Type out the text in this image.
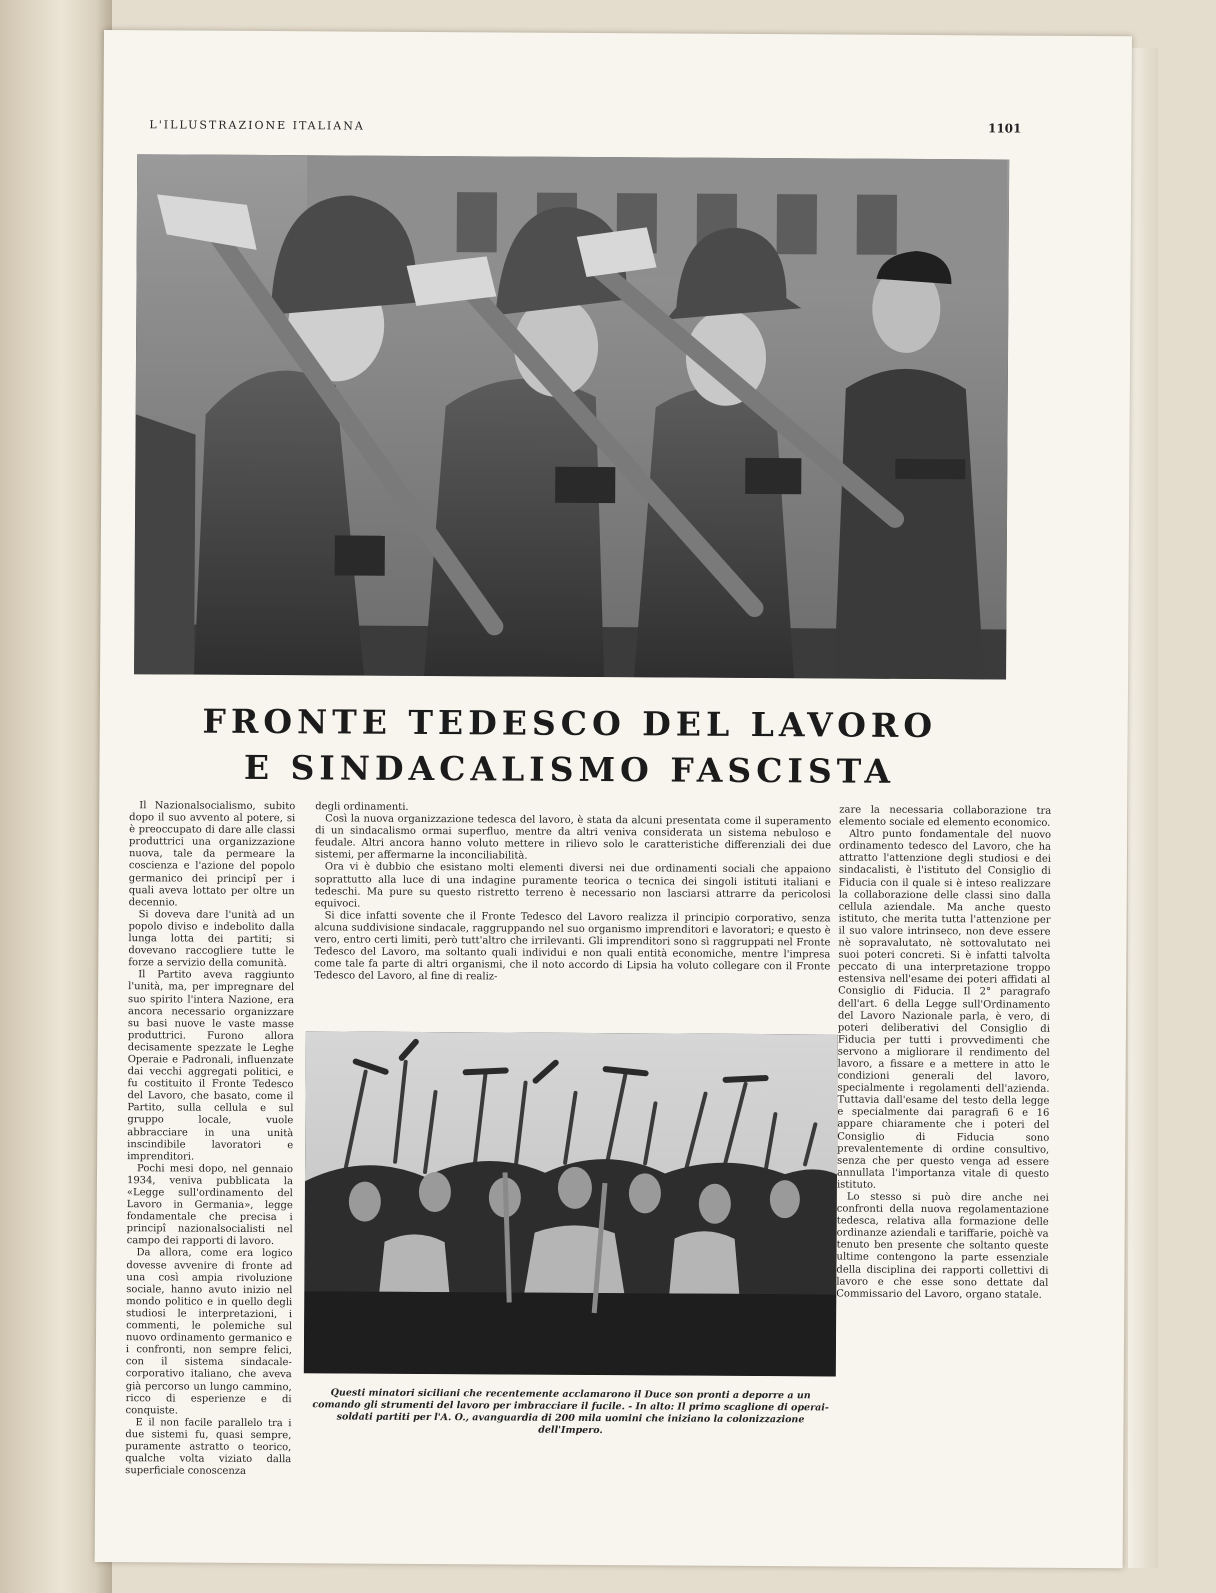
L'ILLUSTRAZIONE ITALIANA	1101
FRONTE TEDESCO DEL LAVORO
E SINDACALISMO FASCISTA

Il Nazionalsocialismo, subito dopo il suo avvento al potere, si è preoccupato di dare alle classi produttrici una organizzazione nuova, tale da permeare la coscienza e l'azione del popolo germanico dei principî per i quali aveva lottato per oltre un decennio.

Si doveva dare l'unità ad un popolo diviso e indebolito dalla lunga lotta dei partiti; si dovevano raccogliere tutte le forze a servizio della comunità.

Il Partito aveva raggiunto l'unità, ma, per impregnare del suo spirito l'intera Nazione, era ancora necessario organizzare su basi nuove le vaste masse produttrici. Furono allora decisamente spezzate le Leghe Operaie e Padronali, influenzate dai vecchi aggregati politici, e fu costituito il Fronte Tedesco del Lavoro, che basato, come il Partito, sulla cellula e sul gruppo locale, vuole abbracciare in una unità inscindibile lavoratori e imprenditori.

Pochi mesi dopo, nel gennaio 1934, veniva pubblicata la «Legge sull'ordinamento del Lavoro in Germania», legge fondamentale che precisa i principî nazionalsocialisti nel campo dei rapporti di lavoro.

Da allora, come era logico dovesse avvenire di fronte ad una così ampia rivoluzione sociale, hanno avuto inizio nel mondo politico e in quello degli studiosi le interpretazioni, i commenti, le polemiche sul nuovo ordinamento germanico e i confronti, non sempre felici, con il sistema sindacale-corporativo italiano, che aveva già percorso un lungo cammino, ricco di esperienze e di conquiste.

E il non facile parallelo tra i due sistemi fu, quasi sempre, puramente astratto o teorico, qualche volta viziato dalla superficiale conoscenza

degli ordinamenti.

Così la nuova organizzazione tedesca del lavoro, è stata da alcuni presentata come il superamento di un sindacalismo ormai superfluo, mentre da altri veniva considerata un sistema nebuloso e feudale. Altri ancora hanno voluto mettere in rilievo solo le caratteristiche differenziali dei due sistemi, per affermarne la inconciliabilità.

Ora vi è dubbio che esistano molti elementi diversi nei due ordinamenti sociali che appaiono soprattutto alla luce di una indagine puramente teorica o tecnica dei singoli istituti italiani e tedeschi. Ma pure su questo ristretto terreno è necessario non lasciarsi attrarre da pericolosi equivoci.

Si dice infatti sovente che il Fronte Tedesco del Lavoro realizza il principio corporativo, senza alcuna suddivisione sindacale, raggruppando nel suo organismo imprenditori e lavoratori; e questo è vero, entro certi limiti, però tutt'altro che irrilevanti. Gli imprenditori sono sì raggruppati nel Fronte Tedesco del Lavoro, ma soltanto quali individui e non quali entità economiche, mentre l'impresa come tale fa parte di altri organismi, che il noto accordo di Lipsia ha voluto collegare con il Fronte Tedesco del Lavoro, al fine di realiz-

zare la necessaria collaborazione tra elemento sociale ed elemento economico.

Altro punto fondamentale del nuovo ordinamento tedesco del Lavoro, che ha attratto l'attenzione degli studiosi e dei sindacalisti, è l'istituto del Consiglio di Fiducia con il quale si è inteso realizzare la collaborazione delle classi sino dalla cellula aziendale. Ma anche questo istituto, che merita tutta l'attenzione per il suo valore intrinseco, non deve essere nè sopravalutato, nè sottovalutato nei suoi poteri concreti. Si è infatti talvolta peccato di una interpretazione troppo estensiva nell'esame dei poteri affidati al Consiglio di Fiducia. Il 2° paragrafo dell'art. 6 della Legge sull'Ordinamento del Lavoro Nazionale parla, è vero, di poteri deliberativi del Consiglio di Fiducia per tutti i provvedimenti che servono a migliorare il rendimento del lavoro, a fissare e a mettere in atto le condizioni generali del lavoro, specialmente i regolamenti dell'azienda. Tuttavia dall'esame del testo della legge e specialmente dai paragrafi 6 e 16 appare chiaramente che i poteri del Consiglio di Fiducia sono prevalentemente di ordine consultivo, senza che per questo venga ad essere annullata l'importanza vitale di questo istituto.

Lo stesso si può dire anche nei confronti della nuova regolamentazione tedesca, relativa alla formazione delle ordinanze aziendali e tariffarie, poichè va tenuto ben presente che soltanto queste ultime contengono la parte essenziale della disciplina dei rapporti collettivi di lavoro e che esse sono dettate dal Commissario del Lavoro, organo statale.

Questi minatori siciliani che recentemente acclamarono il Duce son pronti a deporre a un comando gli strumenti del lavoro per imbracciare il fucile. - In alto: Il primo scaglione di operai-soldati partiti per l'A. O., avanguardia di 200 mila uomini che iniziano la colonizzazione dell'Impero.
